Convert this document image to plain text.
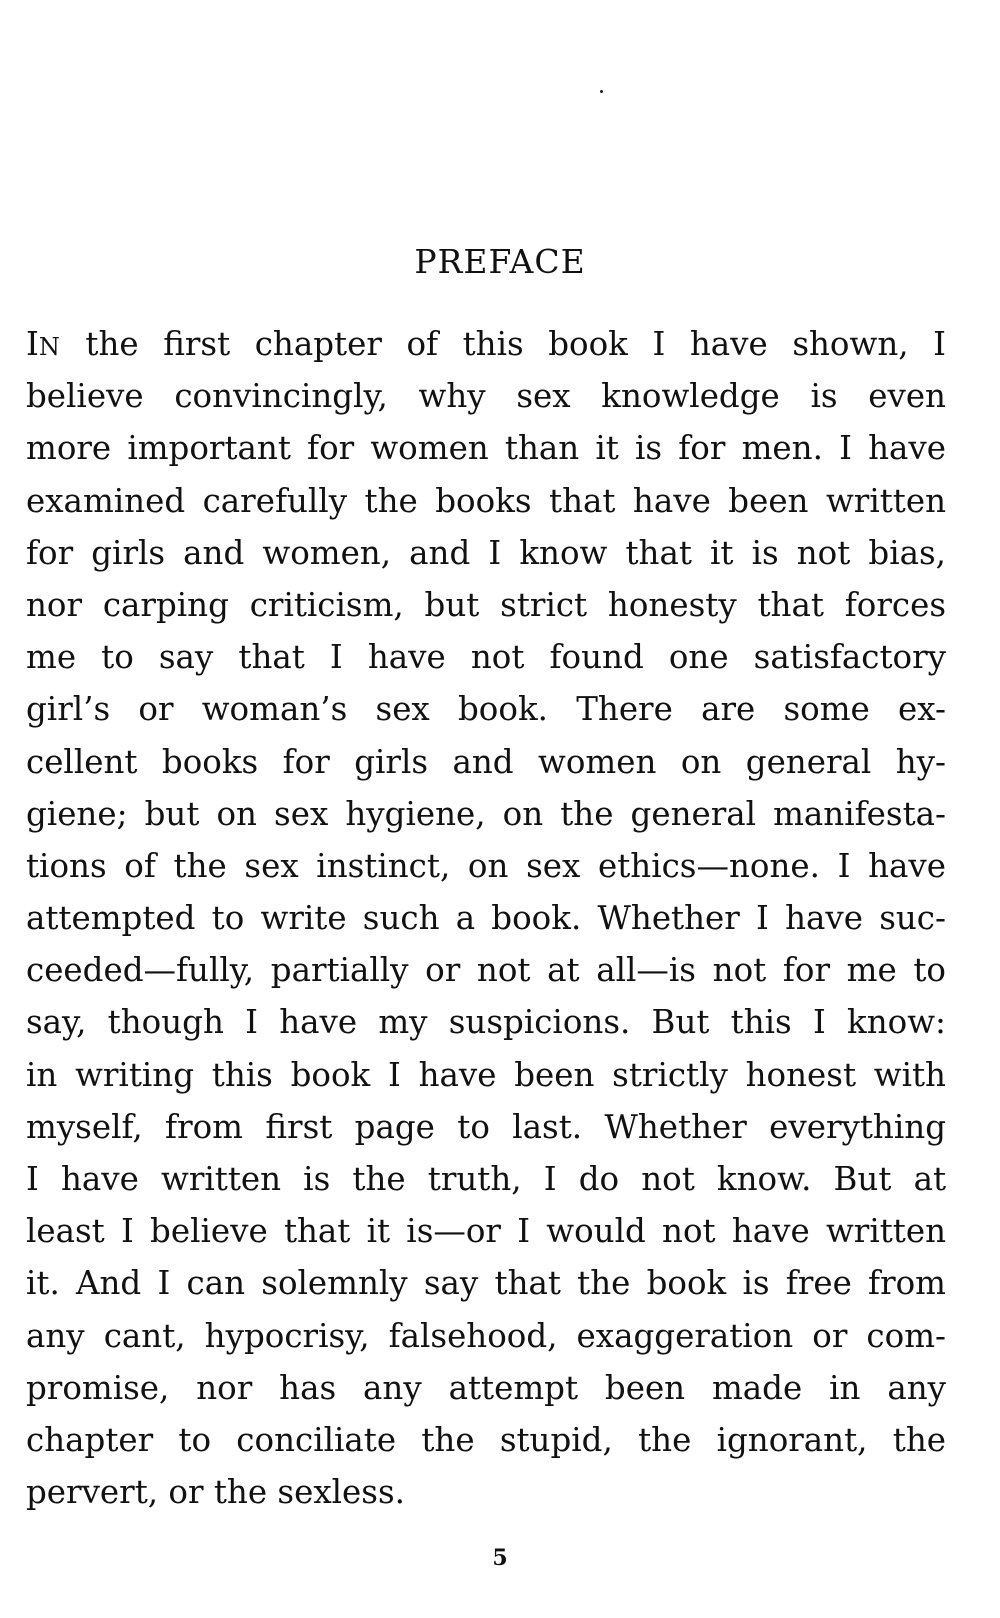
PREFACE
IN the first chapter of this book I have shown, I
believe convincingly, why sex knowledge is even
more important for women than it is for men. I have
examined carefully the books that have been written
for girls and women, and I know that it is not bias,
nor carping criticism, but strict honesty that forces
me to say that I have not found one satisfactory
girl’s or woman’s sex book. There are some ex-
cellent books for girls and women on general hy-
giene; but on sex hygiene, on the general manifesta-
tions of the sex instinct, on sex ethics—none. I have
attempted to write such a book. Whether I have suc-
ceeded—fully, partially or not at all—is not for me to
say, though I have my suspicions. But this I know:
in writing this book I have been strictly honest with
myself, from first page to last. Whether everything
I have written is the truth, I do not know. But at
least I believe that it is—or I would not have written
it. And I can solemnly say that the book is free from
any cant, hypocrisy, falsehood, exaggeration or com-
promise, nor has any attempt been made in any
chapter to conciliate the stupid, the ignorant, the
pervert, or the sexless.
5
